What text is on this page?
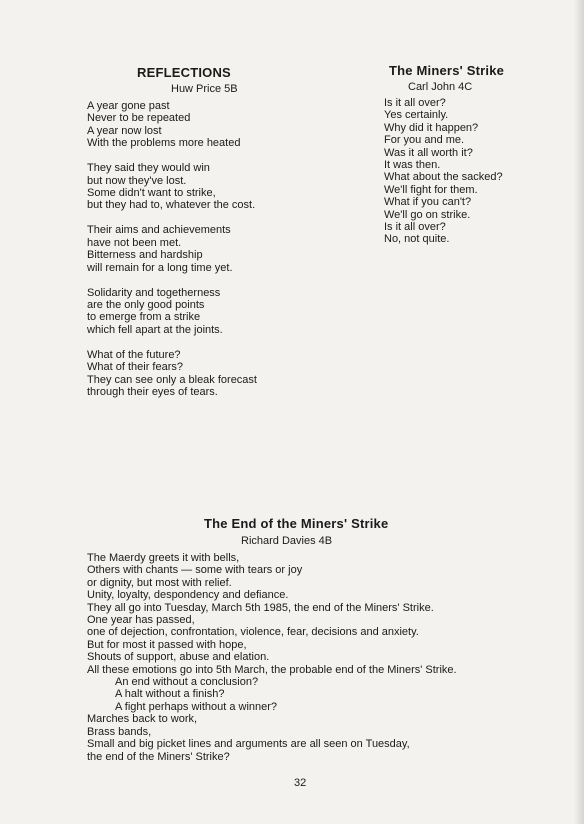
REFLECTIONS
Huw Price 5B
A year gone past
Never to be repeated
A year now lost
With the problems more heated
They said they would win
but now they've lost.
Some didn't want to strike,
but they had to, whatever the cost.
Their aims and achievements
have not been met.
Bitterness and hardship
will remain for a long time yet.
Solidarity and togetherness
are the only good points
to emerge from a strike
which fell apart at the joints.
What of the future?
What of their fears?
They can see only a bleak forecast
through their eyes of tears.
The Miners' Strike
Carl John 4C
Is it all over?
Yes certainly.
Why did it happen?
For you and me.
Was it all worth it?
It was then.
What about the sacked?
We'll fight for them.
What if you can't?
We'll go on strike.
Is it all over?
No, not quite.
The End of the Miners' Strike
Richard Davies 4B
The Maerdy greets it with bells,
Others with chants — some with tears or joy
or dignity, but most with relief.
Unity, loyalty, despondency and defiance.
They all go into Tuesday, March 5th 1985, the end of the Miners' Strike.
One year has passed,
one of dejection, confrontation, violence, fear, decisions and anxiety.
But for most it passed with hope,
Shouts of support, abuse and elation.
All these emotions go into 5th March, the probable end of the Miners' Strike.
An end without a conclusion?
A halt without a finish?
A fight perhaps without a winner?
Marches back to work,
Brass bands,
Small and big picket lines and arguments are all seen on Tuesday,
the end of the Miners' Strike?
32
